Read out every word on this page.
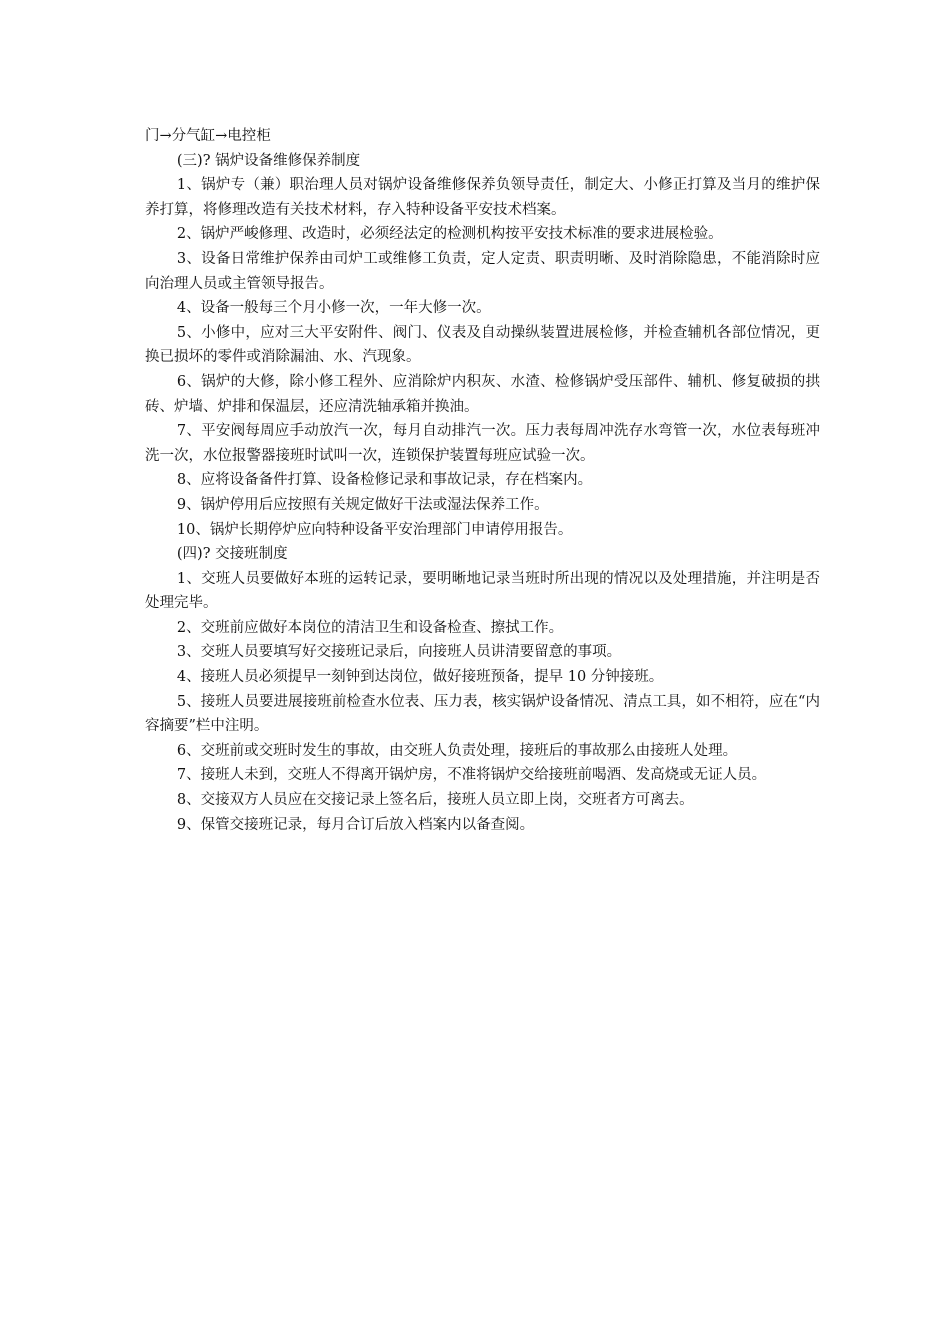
门→分气缸→电控柜

(三)? 锅炉设备维修保养制度

1、锅炉专（兼）职治理人员对锅炉设备维修保养负领导责任，制定大、小修正打算及当月的维护保养打算，将修理改造有关技术材料，存入特种设备平安技术档案。

2、锅炉严峻修理、改造时，必须经法定的检测机构按平安技术标准的要求进展检验。

3、设备日常维护保养由司炉工或维修工负责，定人定责、职责明晰、及时消除隐患，不能消除时应向治理人员或主管领导报告。

4、设备一般每三个月小修一次，一年大修一次。

5、小修中，应对三大平安附件、阀门、仪表及自动操纵装置进展检修，并检查辅机各部位情况，更换已损坏的零件或消除漏油、水、汽现象。

6、锅炉的大修，除小修工程外、应消除炉内积灰、水渣、检修锅炉受压部件、辅机、修复破损的拱砖、炉墙、炉排和保温层，还应清洗轴承箱并换油。

7、平安阀每周应手动放汽一次，每月自动排汽一次。压力表每周冲洗存水弯管一次，水位表每班冲洗一次，水位报警器接班时试叫一次，连锁保护装置每班应试验一次。

8、应将设备备件打算、设备检修记录和事故记录，存在档案内。

9、锅炉停用后应按照有关规定做好干法或湿法保养工作。

10、锅炉长期停炉应向特种设备平安治理部门申请停用报告。

(四)? 交接班制度

1、交班人员要做好本班的运转记录，要明晰地记录当班时所出现的情况以及处理措施，并注明是否处理完毕。

2、交班前应做好本岗位的清洁卫生和设备检查、擦拭工作。

3、交班人员要填写好交接班记录后，向接班人员讲清要留意的事项。

4、接班人员必须提早一刻钟到达岗位，做好接班预备，提早 10 分钟接班。

5、接班人员要进展接班前检查水位表、压力表，核实锅炉设备情况、清点工具，如不相符，应在“内容摘要”栏中注明。

6、交班前或交班时发生的事故，由交班人负责处理，接班后的事故那么由接班人处理。

7、接班人未到，交班人不得离开锅炉房，不准将锅炉交给接班前喝酒、发高烧或无证人员。

8、交接双方人员应在交接记录上签名后，接班人员立即上岗，交班者方可离去。

9、保管交接班记录，每月合订后放入档案内以备查阅。
